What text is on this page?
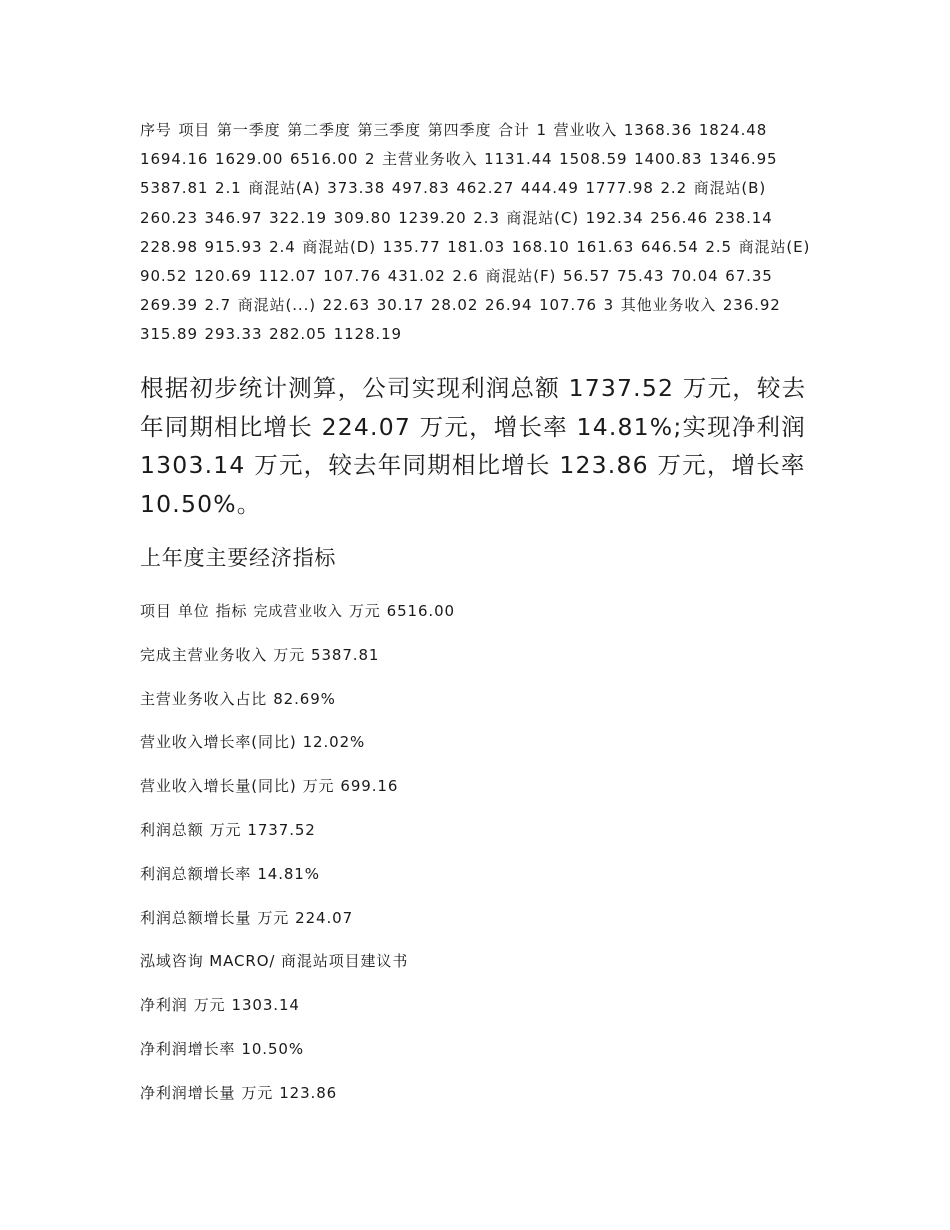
序号 项目 第一季度 第二季度 第三季度 第四季度 合计 1 营业收入 1368.36 1824.48 1694.16 1629.00 6516.00 2 主营业务收入 1131.44 1508.59 1400.83 1346.95 5387.81 2.1 商混站(A) 373.38 497.83 462.27 444.49 1777.98 2.2 商混站(B) 260.23 346.97 322.19 309.80 1239.20 2.3 商混站(C) 192.34 256.46 238.14 228.98 915.93 2.4 商混站(D) 135.77 181.03 168.10 161.63 646.54 2.5 商混站(E) 90.52 120.69 112.07 107.76 431.02 2.6 商混站(F) 56.57 75.43 70.04 67.35 269.39 2.7 商混站(...) 22.63 30.17 28.02 26.94 107.76 3 其他业务收入 236.92 315.89 293.33 282.05 1128.19

根据初步统计测算，公司实现利润总额 1737.52 万元，较去年同期相比增长 224.07 万元，增长率 14.81%;实现净利润 1303.14 万元，较去年同期相比增长 123.86 万元，增长率 10.50%。

上年度主要经济指标
项目 单位 指标 完成营业收入 万元 6516.00
完成主营业务收入 万元 5387.81
主营业务收入占比 82.69%
营业收入增长率(同比) 12.02%
营业收入增长量(同比) 万元 699.16
利润总额 万元 1737.52
利润总额增长率 14.81%
利润总额增长量 万元 224.07
泓域咨询 MACRO/ 商混站项目建议书
净利润 万元 1303.14
净利润增长率 10.50%
净利润增长量 万元 123.86
